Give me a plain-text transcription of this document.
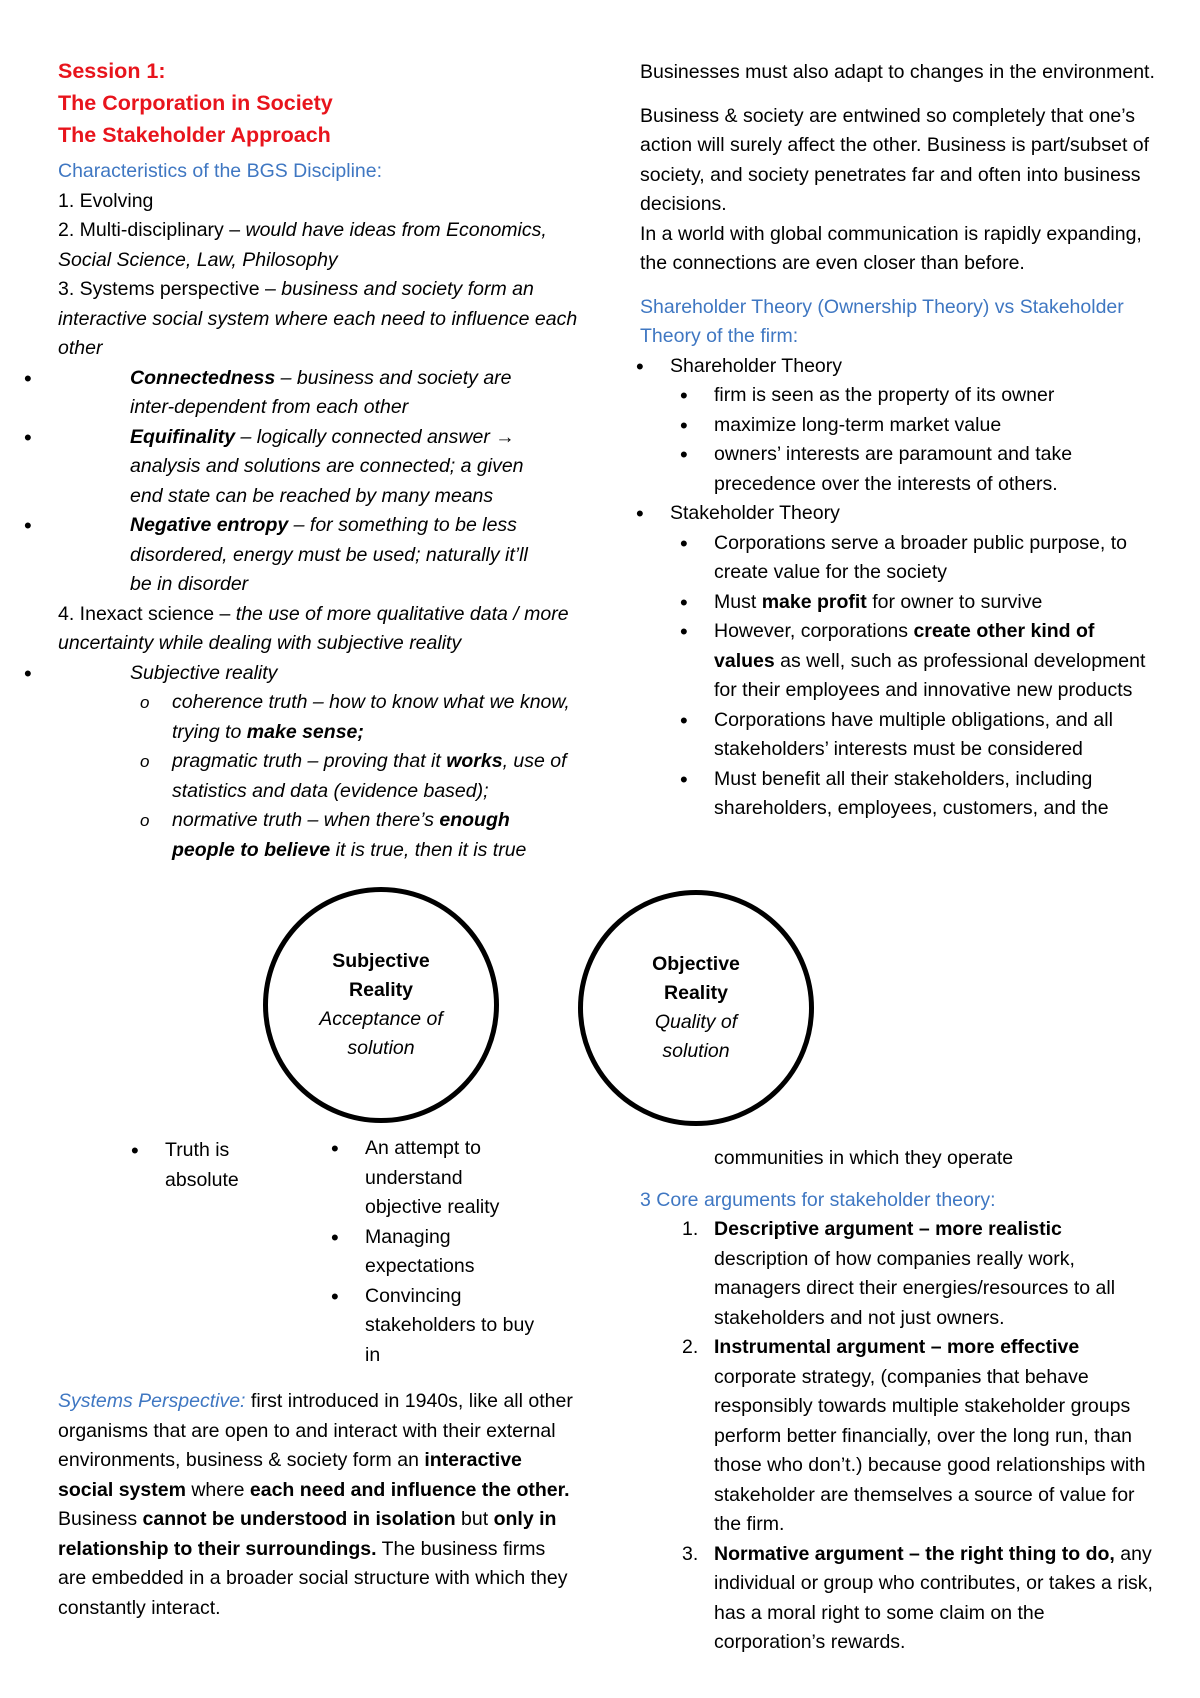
Session 1:
The Corporation in Society
The Stakeholder Approach
Characteristics of the BGS Discipline:
1. Evolving
2. Multi-disciplinary – would have ideas from Economics, Social Science, Law, Philosophy
3. Systems perspective – business and society form an interactive social system where each need to influence each other
• Connectedness – business and society are inter-dependent from each other
• Equifinality – logically connected answer → analysis and solutions are connected; a given end state can be reached by many means
• Negative entropy – for something to be less disordered, energy must be used; naturally it’ll be in disorder
4. Inexact science – the use of more qualitative data / more uncertainty while dealing with subjective reality
• Subjective reality
o coherence truth – how to know what we know, trying to make sense;
o pragmatic truth – proving that it works, use of statistics and data (evidence based);
o normative truth – when there’s enough people to believe it is true, then it is true
Subjective
Reality
Acceptance of
solution
Objective
Reality
Quality of
solution
• Truth is absolute
• An attempt to understand objective reality
• Managing expectations
• Convincing stakeholders to buy in
Systems Perspective: first introduced in 1940s, like all other organisms that are open to and interact with their external environments, business & society form an interactive social system where each need and influence the other. Business cannot be understood in isolation but only in relationship to their surroundings. The business firms are embedded in a broader social structure with which they constantly interact.
Businesses must also adapt to changes in the environment.
Business & society are entwined so completely that one’s action will surely affect the other. Business is part/subset of society, and society penetrates far and often into business decisions.
In a world with global communication is rapidly expanding, the connections are even closer than before.
Shareholder Theory (Ownership Theory) vs Stakeholder Theory of the firm:
• Shareholder Theory
• firm is seen as the property of its owner
• maximize long-term market value
• owners’ interests are paramount and take precedence over the interests of others.
• Stakeholder Theory
• Corporations serve a broader public purpose, to create value for the society
• Must make profit for owner to survive
• However, corporations create other kind of values as well, such as professional development for their employees and innovative new products
• Corporations have multiple obligations, and all stakeholders’ interests must be considered
• Must benefit all their stakeholders, including shareholders, employees, customers, and the
communities in which they operate
3 Core arguments for stakeholder theory:
1. Descriptive argument – more realistic description of how companies really work, managers direct their energies/resources to all stakeholders and not just owners.
2. Instrumental argument – more effective corporate strategy, (companies that behave responsibly towards multiple stakeholder groups perform better financially, over the long run, than those who don’t.) because good relationships with stakeholder are themselves a source of value for the firm.
3. Normative argument – the right thing to do, any individual or group who contributes, or takes a risk, has a moral right to some claim on the corporation’s rewards.
